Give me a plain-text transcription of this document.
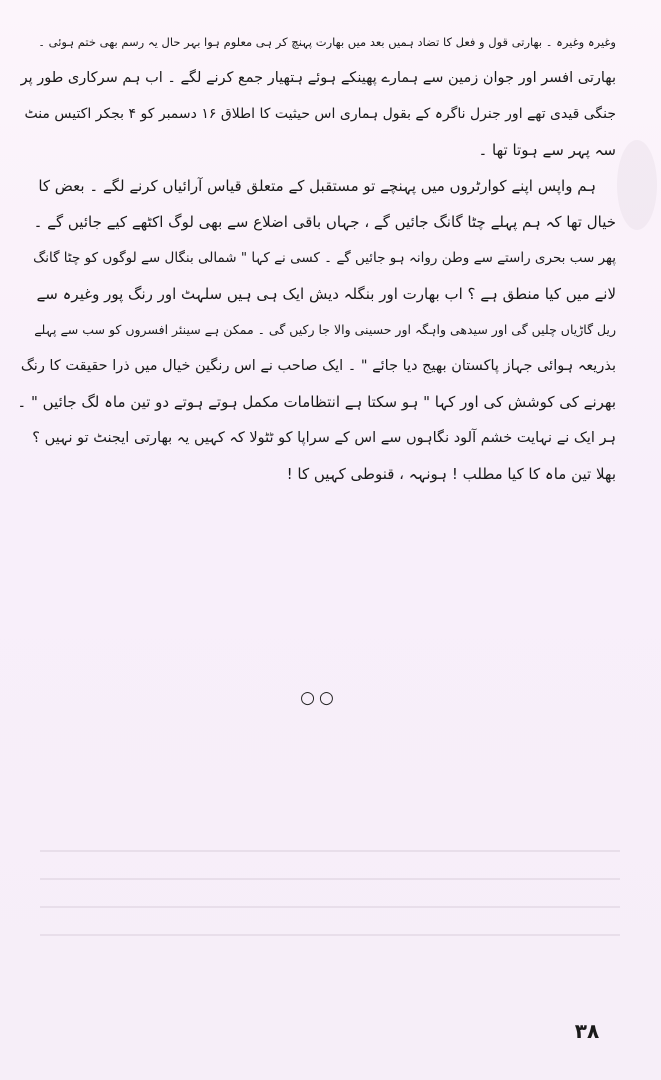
وغیرہ وغیرہ ۔ بھارتی قول و فعل کا تضاد ہمیں بعد میں بھارت پہنچ کر ہی معلوم ہوا بہر حال یہ رسم بھی ختم ہوئی ۔
بھارتی افسر اور جوان زمین سے ہمارے پھینکے ہوئے ہتھیار جمع کرنے لگے ۔ اب ہم سرکاری طور پر
جنگی قیدی تھے اور جنرل ناگرہ کے بقول ہماری اس حیثیت کا اطلاق ۱۶ دسمبر کو ۴ بجکر اکتیس منٹ
سہ پہر سے ہوتا تھا ۔
ہم واپس اپنے کوارٹروں میں پہنچے تو مستقبل کے متعلق قیاس آرائیاں کرنے لگے ۔ بعض کا
خیال تھا کہ ہم پہلے چٹا گانگ جائیں گے ، جہاں باقی اضلاع سے بھی لوگ اکٹھے کیے جائیں گے ۔
پھر سب بحری راستے سے وطن روانہ ہو جائیں گے ۔ کسی نے کہا " شمالی بنگال سے لوگوں کو چٹا گانگ
لانے میں کیا منطق ہے ؟ اب بھارت اور بنگلہ دیش ایک ہی ہیں سلہٹ اور رنگ پور وغیرہ سے
ریل گاڑیاں چلیں گی اور سیدھی واہگہ اور حسینی والا جا رکیں گی ۔ ممکن ہے سینئر افسروں کو سب سے پہلے
بذریعہ ہوائی جہاز پاکستان بھیج دیا جائے " ۔ ایک صاحب نے اس رنگین خیال میں ذرا حقیقت کا رنگ
بھرنے کی کوشش کی اور کہا " ہو سکتا ہے انتظامات مکمل ہوتے ہوتے دو تین ماہ لگ جائیں " ۔
ہر ایک نے نہایت خشم آلود نگاہوں سے اس کے سراپا کو ٹٹولا کہ کہیں یہ بھارتی ایجنٹ تو نہیں ؟
بھلا تین ماہ کا کیا مطلب ! ہونہہ ، قنوطی کہیں کا !
○○
۳۸
